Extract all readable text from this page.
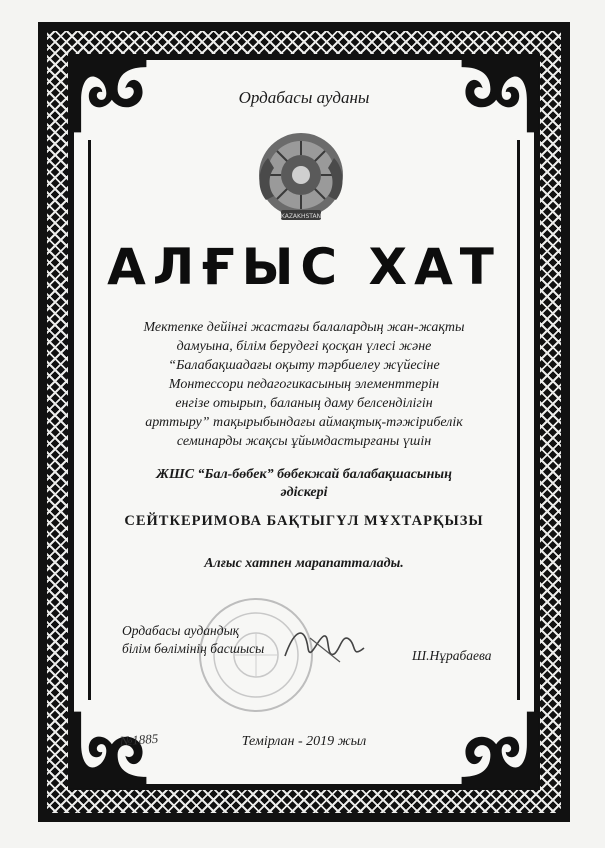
Ордабасы ауданы
KAZAKHSTAN
АЛҒЫС ХАТ
Мектепке дейінгі жастағы балалардың жан-жақты
дамуына, білім берудегі қосқан үлесі және
“Балабақшадағы оқыту тәрбиелеу жүйесіне
Монтессори педагогикасының элементтерін
енгізе отырып, баланың даму белсенділігін
арттыру” тақырыбындағы аймақтық-тәжірибелік
семинарды жақсы ұйымдастырғаны үшін
ЖШС “Бал-бөбек” бөбекжай балабақшасының
әдіскері
СЕЙТКЕРИМОВА БАҚТЫГҮЛ МҰХТАРҚЫЗЫ
Алғыс хатпен марапатталады.
Ордабасы аудандық
білім бөлімінің басшысы	Ш.Нұрабаева
№1885	Темірлан - 2019 жыл
